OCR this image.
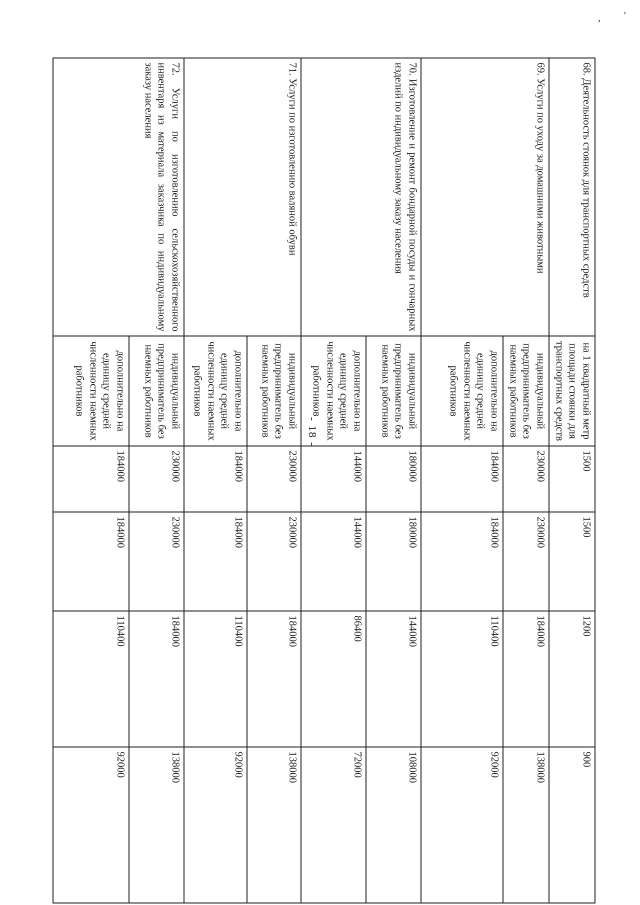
- 18 -
, '
68. Деятельность стоянок для транспортных средств	на 1 квадратный метр площади стоянки для транспортных средств	1500	1500	1200	900
69. Услуги по уходу за домашними животными	индивидуальный предприниматель без наемных работников	230000	230000	184000	138000
	дополнительно на единицу средней численности наемных работников	184000	184000	110400	92000
70. Изготовление и ремонт бондарной посуды и гончарных изделий по индивидуальному заказу населения	индивидуальный предприниматель без наемных работников	180000	180000	144000	108000
	дополнительно на единицу средней численности наемных работников	144000	144000	86400	72000
71. Услуги по изготовлению валяной обуви	индивидуальный предприниматель без наемных работников	230000	230000	184000	138000
	дополнительно на единицу средней численности наемных работников	184000	184000	110400	92000
72. Услуги по изготовлению сельскохозяйственного инвентаря из материала заказчика по индивидуальному заказу населения	индивидуальный предприниматель без наемных работников	230000	230000	184000	138000
	дополнительно на единицу средней численности наемных работников	184000	184000	110400	92000
